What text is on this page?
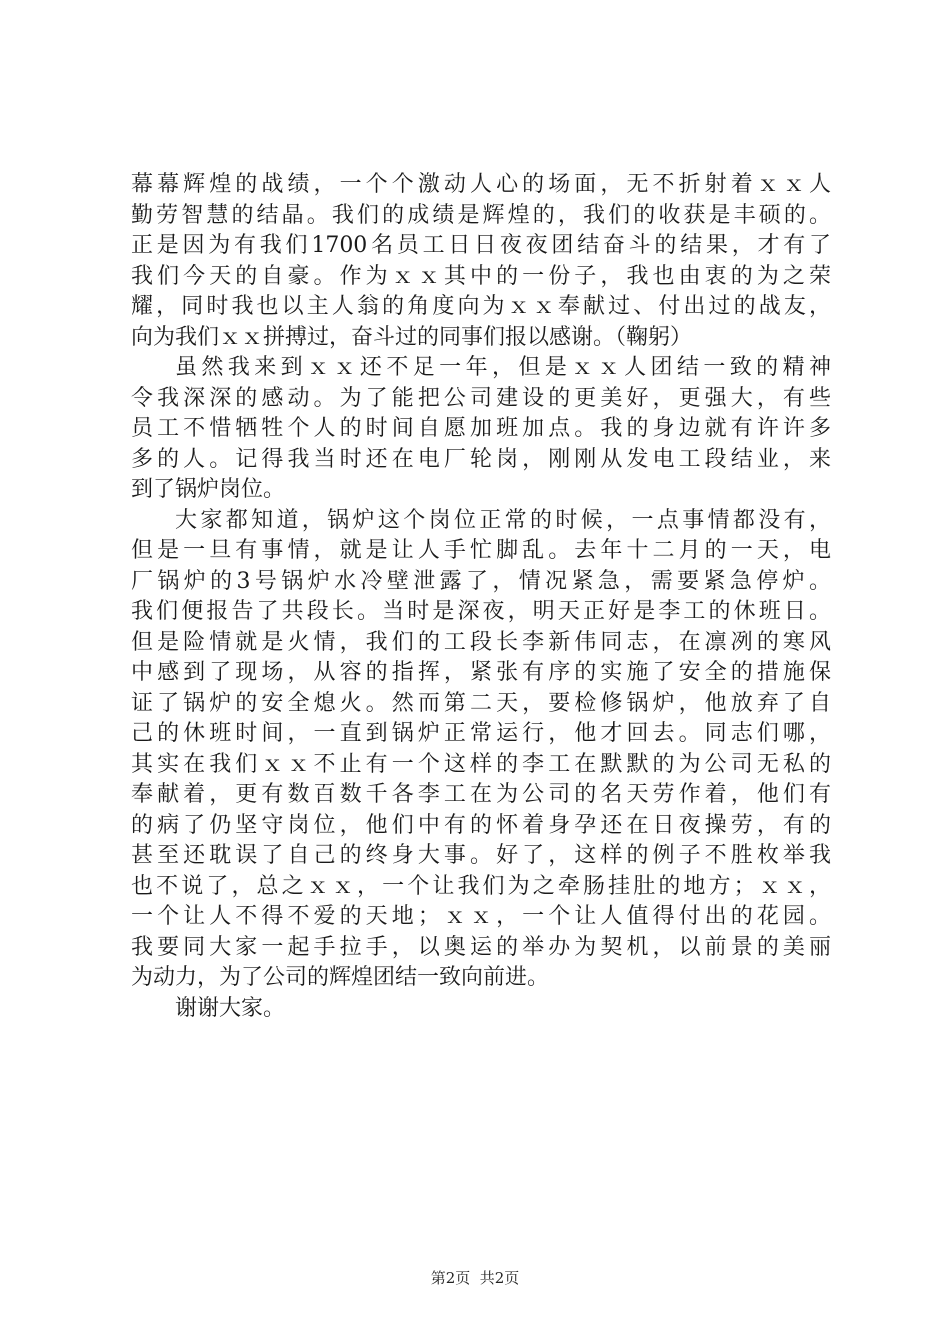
幕幕辉煌的战绩，一个个激动人心的场面，无不折射着ｘｘ人
勤劳智慧的结晶。我们的成绩是辉煌的，我们的收获是丰硕的。
正是因为有我们1700名员工日日夜夜团结奋斗的结果，才有了
我们今天的自豪。作为ｘｘ其中的一份子，我也由衷的为之荣
耀，同时我也以主人翁的角度向为ｘｘ奉献过、付出过的战友，
向为我们ｘｘ拼搏过，奋斗过的同事们报以感谢。（鞠躬）
虽然我来到ｘｘ还不足一年，但是ｘｘ人团结一致的精神
令我深深的感动。为了能把公司建设的更美好，更强大，有些
员工不惜牺牲个人的时间自愿加班加点。我的身边就有许许多
多的人。记得我当时还在电厂轮岗，刚刚从发电工段结业，来
到了锅炉岗位。
大家都知道，锅炉这个岗位正常的时候，一点事情都没有，
但是一旦有事情，就是让人手忙脚乱。去年十二月的一天，电
厂锅炉的3号锅炉水冷壁泄露了，情况紧急，需要紧急停炉。
我们便报告了共段长。当时是深夜，明天正好是李工的休班日。
但是险情就是火情，我们的工段长李新伟同志，在凛冽的寒风
中感到了现场，从容的指挥，紧张有序的实施了安全的措施保
证了锅炉的安全熄火。然而第二天，要检修锅炉，他放弃了自
己的休班时间，一直到锅炉正常运行，他才回去。同志们哪，
其实在我们ｘｘ不止有一个这样的李工在默默的为公司无私的
奉献着，更有数百数千各李工在为公司的名天劳作着，他们有
的病了仍坚守岗位，他们中有的怀着身孕还在日夜操劳，有的
甚至还耽误了自己的终身大事。好了，这样的例子不胜枚举我
也不说了，总之ｘｘ，一个让我们为之牵肠挂肚的地方；ｘｘ，
一个让人不得不爱的天地；ｘｘ，一个让人值得付出的花园。
我要同大家一起手拉手，以奥运的举办为契机，以前景的美丽
为动力，为了公司的辉煌团结一致向前进。
谢谢大家。
第2页  共2页
